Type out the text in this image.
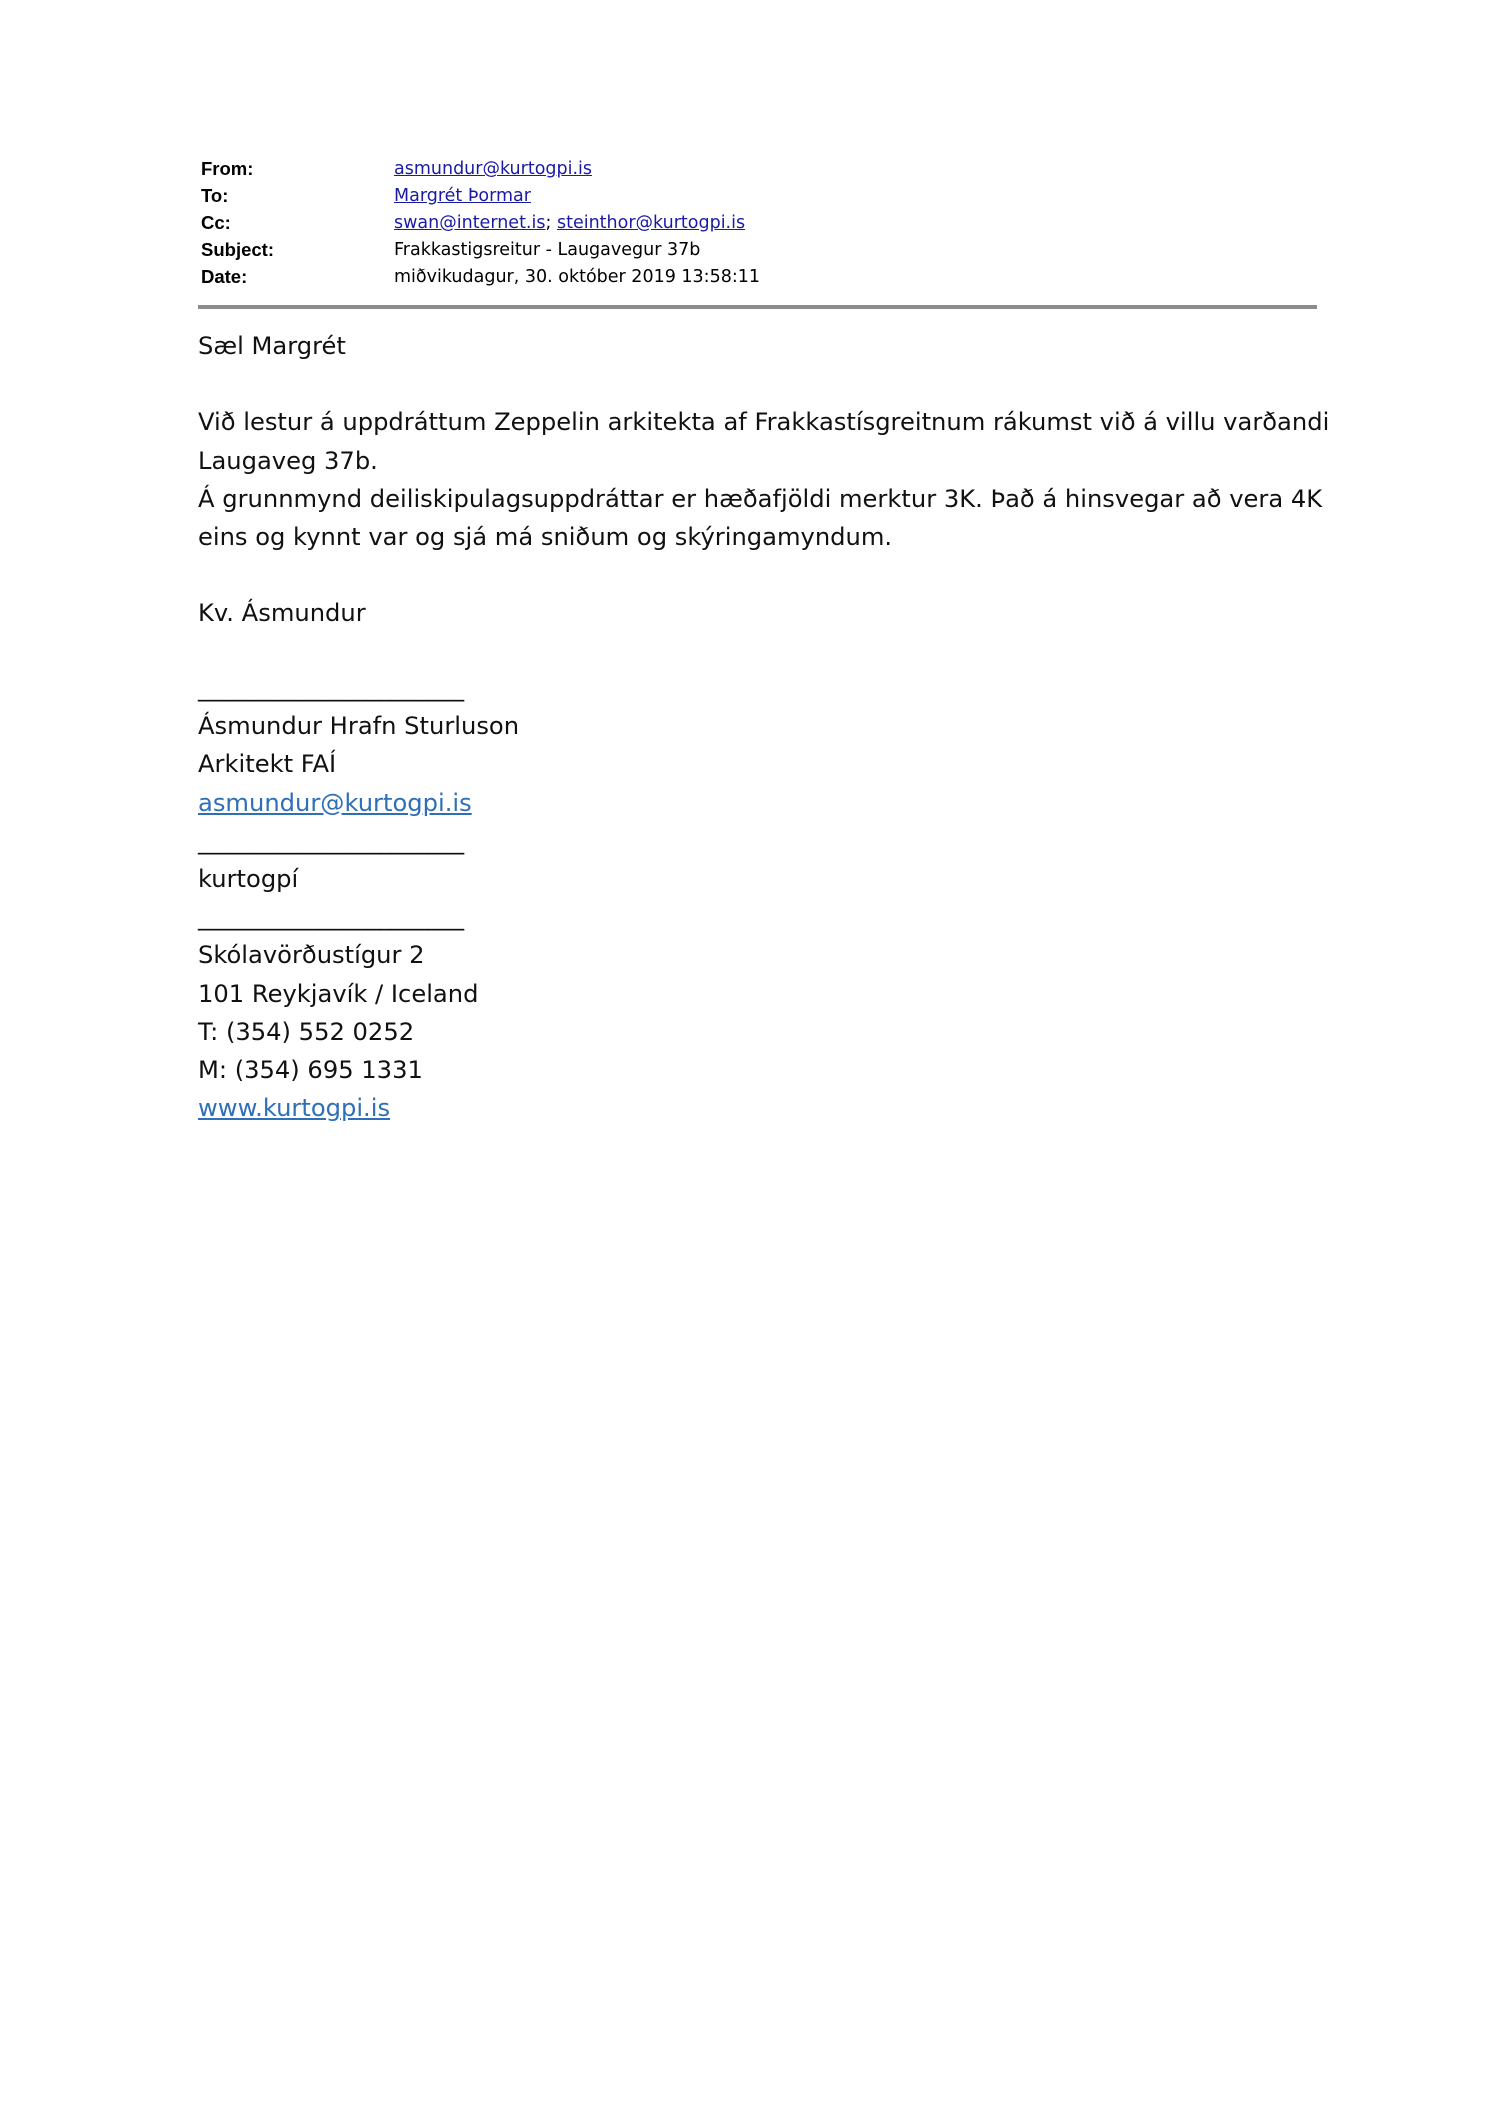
From:	asmundur@kurtogpi.is
To:	Margrét Þormar
Cc:	swan@internet.is; steinthor@kurtogpi.is
Subject:	Frakkastigsreitur - Laugavegur 37b
Date:	miðvikudagur, 30. október 2019 13:58:11

Sæl Margrét

Við lestur á uppdráttum Zeppelin arkitekta af Frakkastísgreitnum rákumst við á villu varðandi Laugaveg 37b.

Á grunnmynd deiliskipulagsuppdráttar er hæðafjöldi merktur 3K. Það á hinsvegar að vera 4K eins og kynnt var og sjá má sniðum og skýringamyndum.

Kv. Ásmundur

______________________
Ásmundur Hrafn Sturluson
Arkitekt FAÍ
asmundur@kurtogpi.is
______________________
kurtogpí
______________________
Skólavörðustígur 2
101 Reykjavík / Iceland
T: (354) 552 0252
M: (354) 695 1331
www.kurtogpi.is
